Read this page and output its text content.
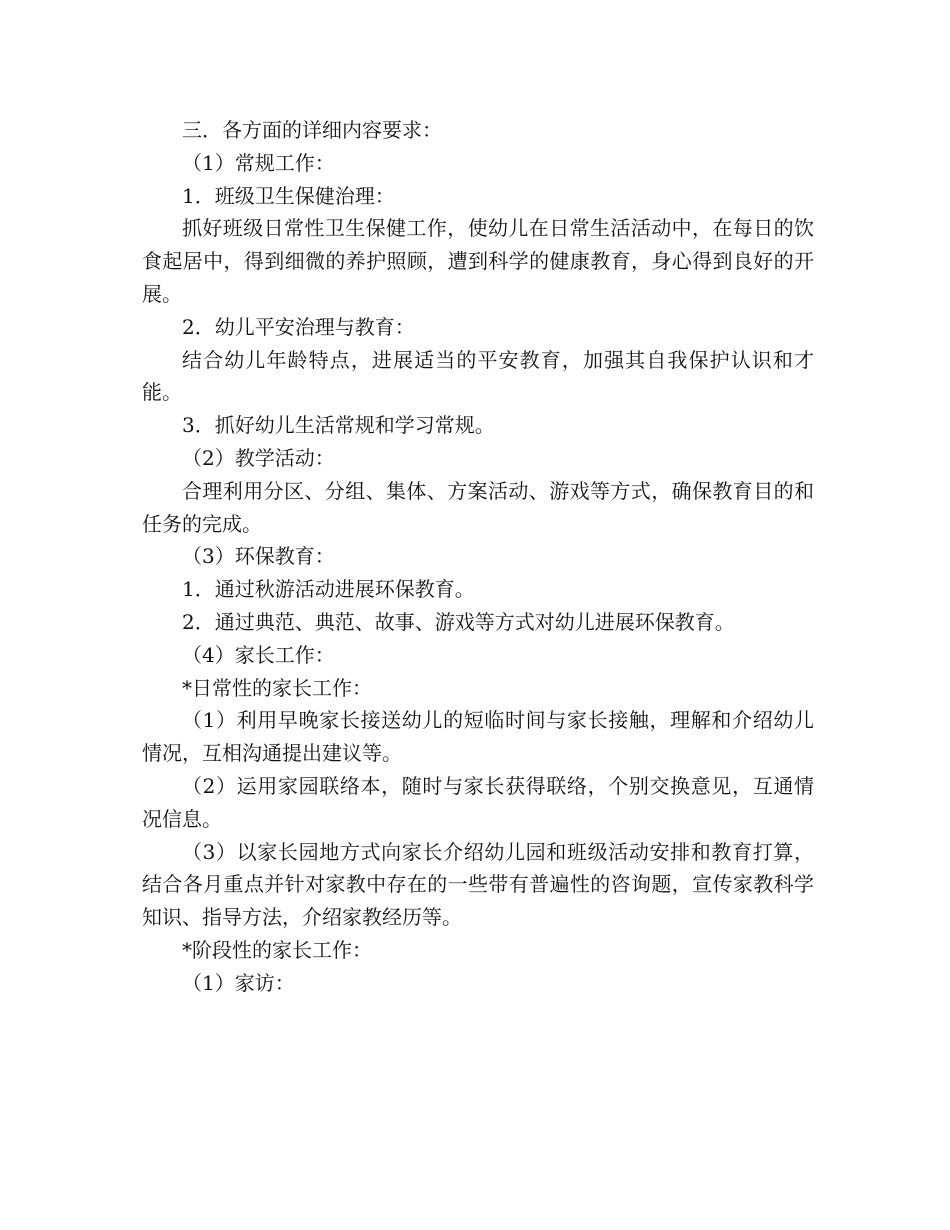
三．各方面的详细内容要求：

（1）常规工作：

1．班级卫生保健治理：

抓好班级日常性卫生保健工作，使幼儿在日常生活活动中，在每日的饮食起居中，得到细微的养护照顾，遭到科学的健康教育，身心得到良好的开展。

2．幼儿平安治理与教育：

结合幼儿年龄特点，进展适当的平安教育，加强其自我保护认识和才能。

3．抓好幼儿生活常规和学习常规。

（2）教学活动：

合理利用分区、分组、集体、方案活动、游戏等方式，确保教育目的和任务的完成。

（3）环保教育：

1．通过秋游活动进展环保教育。

2．通过典范、典范、故事、游戏等方式对幼儿进展环保教育。

（4）家长工作：

*日常性的家长工作：

（1）利用早晚家长接送幼儿的短临时间与家长接触，理解和介绍幼儿情况，互相沟通提出建议等。

（2）运用家园联络本，随时与家长获得联络，个别交换意见，互通情况信息。

（3）以家长园地方式向家长介绍幼儿园和班级活动安排和教育打算，结合各月重点并针对家教中存在的一些带有普遍性的咨询题，宣传家教科学知识、指导方法，介绍家教经历等。

*阶段性的家长工作：

（1）家访：
